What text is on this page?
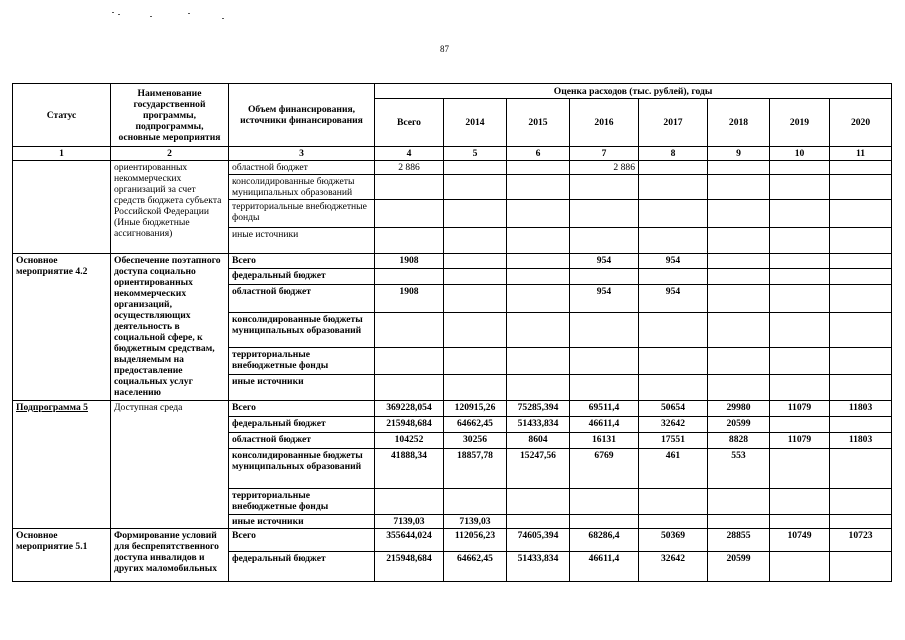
87
Статус	Наименование государственной программы, подпрограммы, основные мероприятия	Объем финансирования, источники финансирования	Оценка расходов (тыс. рублей), годы							
			Всего	2014	2015	2016	2017	2018	2019	2020
1	2	3	4	5	6	7	8	9	10	11
	ориентированных некоммерческих организаций за счет средств бюджета субъекта Российской Федерации (Иные бюджетные ассигнования)	областной бюджет	2 886			2 886				
		консолидированные бюджеты муниципальных образований								
		территориальные внебюджетные фонды								
		иные источники								
Основное мероприятие 4.2	Обеспечение поэтапного доступа социально ориентированных некоммерческих организаций, осуществляющих деятельность в социальной сфере, к бюджетным средствам, выделяемым на предоставление социальных услуг населению	Всего	1908			954	954			
		федеральный бюджет								
		областной бюджет	1908			954	954			
		консолидированные бюджеты муниципальных образований								
		территориальные внебюджетные фонды								
		иные источники								
Подпрограмма 5	Доступная среда	Всего	369228,054	120915,26	75285,394	69511,4	50654	29980	11079	11803
		федеральный бюджет	215948,684	64662,45	51433,834	46611,4	32642	20599		
		областной бюджет	104252	30256	8604	16131	17551	8828	11079	11803
		консолидированные бюджеты муниципальных образований	41888,34	18857,78	15247,56	6769	461	553		
		территориальные внебюджетные фонды								
		иные источники	7139,03	7139,03						
Основное мероприятие 5.1	Формирование условий для беспрепятственного доступа инвалидов и других маломобильных	Всего	355644,024	112056,23	74605,394	68286,4	50369	28855	10749	10723
		федеральный бюджет	215948,684	64662,45	51433,834	46611,4	32642	20599		
